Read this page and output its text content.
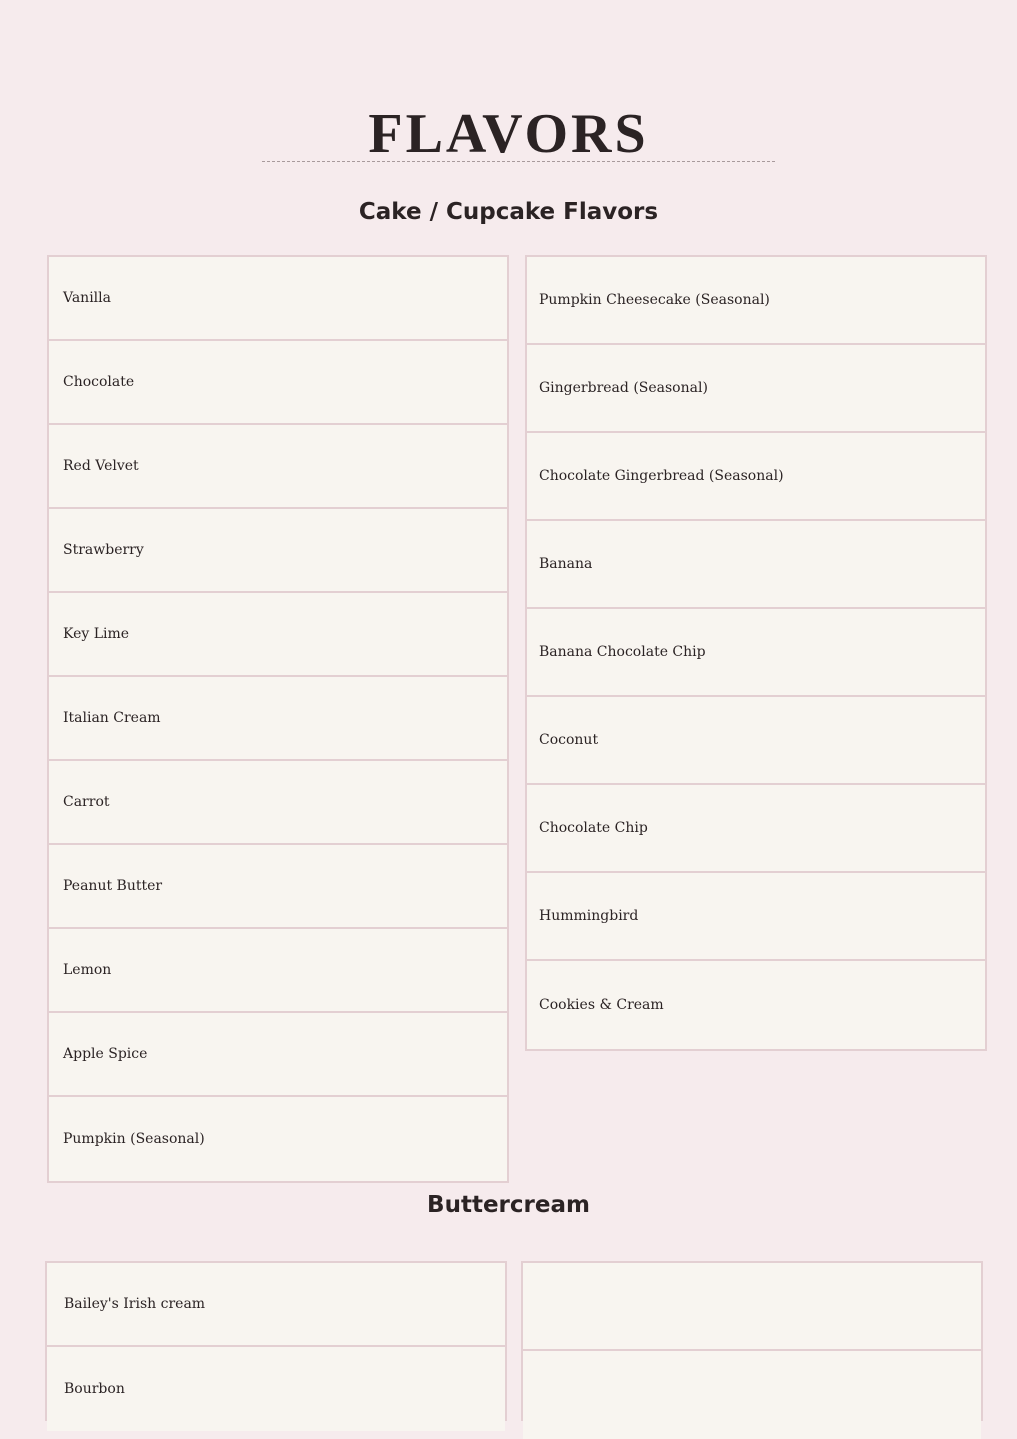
FLAVORS
Cake / Cupcake Flavors
Vanilla
Chocolate
Red Velvet
Strawberry
Key Lime
Italian Cream
Carrot
Peanut Butter
Lemon
Apple Spice
Pumpkin (Seasonal)
Pumpkin Cheesecake (Seasonal)
Gingerbread (Seasonal)
Chocolate Gingerbread (Seasonal)
Banana
Banana Chocolate Chip
Coconut
Chocolate Chip
Hummingbird
Cookies & Cream
Buttercream
Bailey's Irish cream
Bourbon
